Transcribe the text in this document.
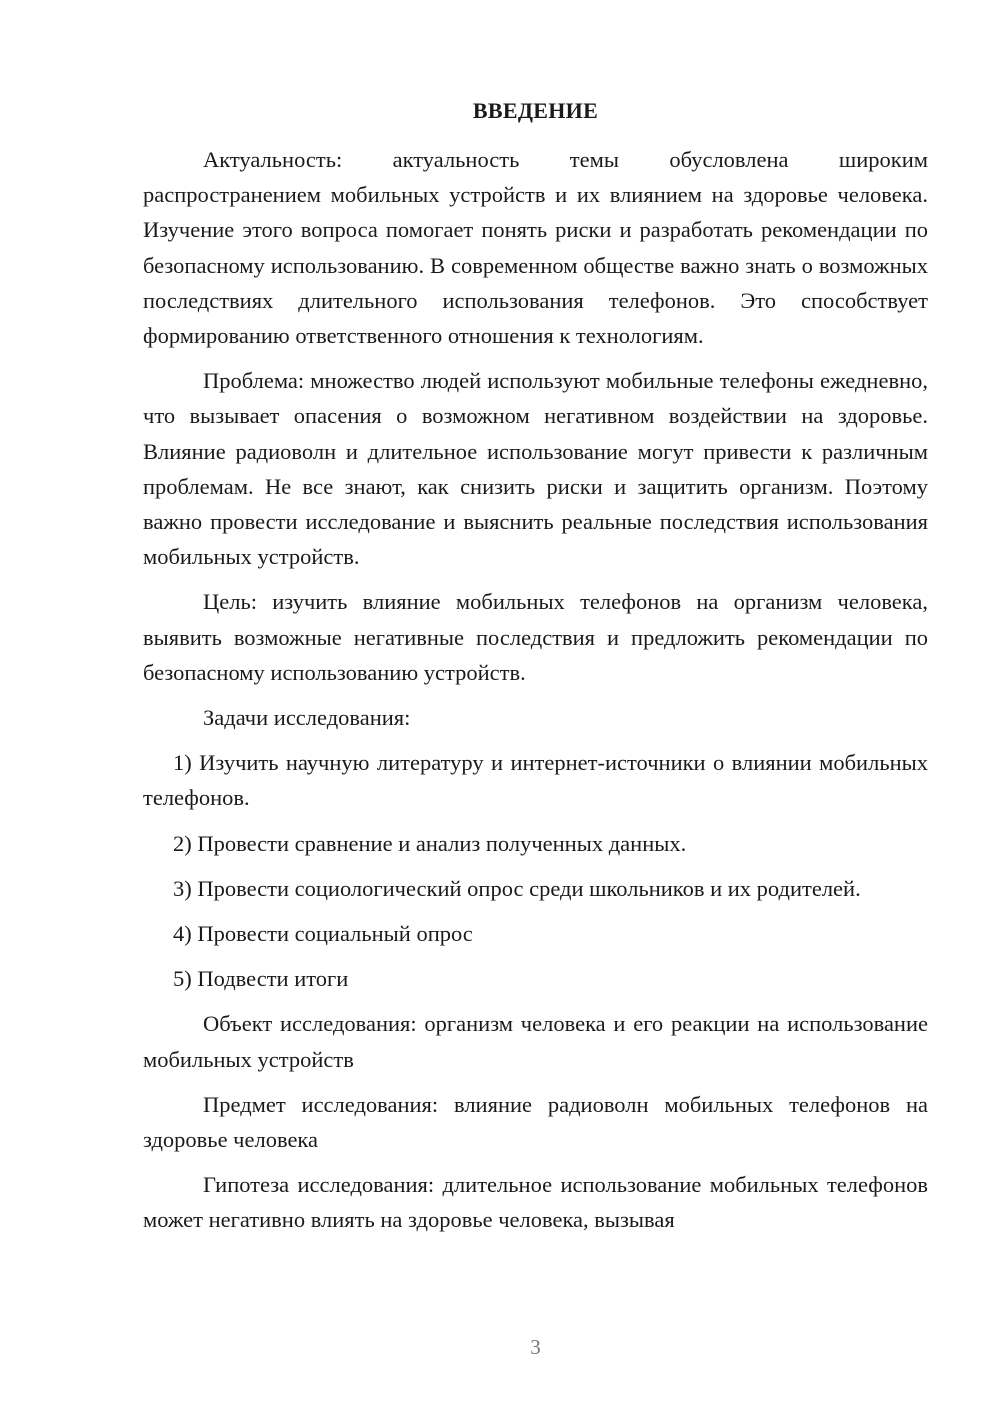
ВВЕДЕНИЕ

Актуальность: актуальность темы обусловлена широким распространением мобильных устройств и их влиянием на здоровье человека. Изучение этого вопроса помогает понять риски и разработать рекомендации по безопасному использованию. В современном обществе важно знать о возможных последствиях длительного использования телефонов. Это способствует формированию ответственного отношения к технологиям.

Проблема: множество людей используют мобильные телефоны ежедневно, что вызывает опасения о возможном негативном воздействии на здоровье. Влияние радиоволн и длительное использование могут привести к различным проблемам. Не все знают, как снизить риски и защитить организм. Поэтому важно провести исследование и выяснить реальные последствия использования мобильных устройств.

Цель: изучить влияние мобильных телефонов на организм человека, выявить возможные негативные последствия и предложить рекомендации по безопасному использованию устройств.

Задачи исследования:

1) Изучить научную литературу и интернет-источники о влиянии мобильных телефонов.

2) Провести сравнение и анализ полученных данных.

3) Провести социологический опрос среди школьников и их родителей.

4) Провести социальный опрос

5) Подвести итоги

Объект исследования: организм человека и его реакции на использование мобильных устройств

Предмет исследования: влияние радиоволн мобильных телефонов на здоровье человека

Гипотеза исследования: длительное использование мобильных телефонов может негативно влиять на здоровье человека, вызывая

3
